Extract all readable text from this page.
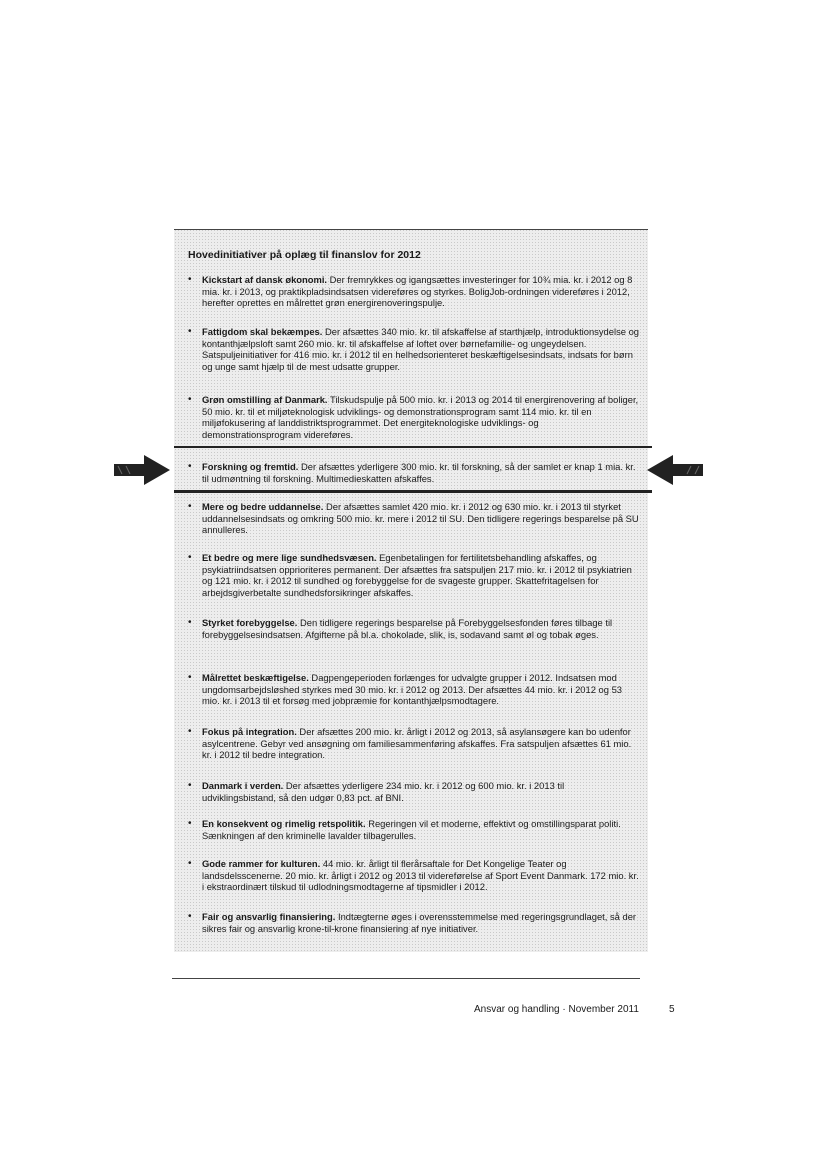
Hovedinitiativer på oplæg til finanslov for 2012
•	Kickstart af dansk økonomi. Der fremrykkes og igangsættes investeringer for 10¾ mia. kr. i 2012 og 8 mia. kr. i 2013, og praktikpladsindsatsen videreføres og styrkes. BoligJob-ordningen videreføres i 2012, herefter oprettes en målrettet grøn energirenoveringspulje.
•	Fattigdom skal bekæmpes. Der afsættes 340 mio. kr. til afskaffelse af starthjælp, introduktionsydelse og kontanthjælpsloft samt 260 mio. kr. til afskaffelse af loftet over børnefamilie- og ungeydelsen. Satspuljeinitiativer for 416 mio. kr. i 2012 til en helhedsorienteret beskæftigelsesindsats, indsats for børn og unge samt hjælp til de mest udsatte grupper.
•	Grøn omstilling af Danmark. Tilskudspulje på 500 mio. kr. i 2013 og 2014 til energirenovering af boliger, 50 mio. kr. til et miljøteknologisk udviklings- og demonstrationsprogram samt 114 mio. kr. til en miljøfokusering af landdistriktsprogrammet. Det energiteknologiske udviklings- og demonstrationsprogram videreføres.
•	Forskning og fremtid. Der afsættes yderligere 300 mio. kr. til forskning, så der samlet er knap 1 mia. kr. til udmøntning til forskning. Multimedieskatten afskaffes.
•	Mere og bedre uddannelse. Der afsættes samlet 420 mio. kr. i 2012 og 630 mio. kr. i 2013 til styrket uddannelsesindsats og omkring 500 mio. kr. mere i 2012 til SU. Den tidligere regerings besparelse på SU annulleres.
•	Et bedre og mere lige sundhedsvæsen. Egenbetalingen for fertilitetsbehandling afskaffes, og psykiatriindsatsen opprioriteres permanent. Der afsættes fra satspuljen 217 mio. kr. i 2012 til psykiatrien og 121 mio. kr. i 2012 til sundhed og forebyggelse for de svageste grupper. Skattefritagelsen for arbejdsgiverbetalte sundhedsforsikringer afskaffes.
•	Styrket forebyggelse. Den tidligere regerings besparelse på Forebyggelsesfonden føres tilbage til forebyggelsesindsatsen. Afgifterne på bl.a. chokolade, slik, is, sodavand samt øl og tobak øges.
•	Målrettet beskæftigelse. Dagpengeperioden forlænges for udvalgte grupper i 2012. Indsatsen mod ungdomsarbejdsløshed styrkes med 30 mio. kr. i 2012 og 2013. Der afsættes 44 mio. kr. i 2012 og 53 mio. kr. i 2013 til et forsøg med jobpræmie for kontanthjælpsmodtagere.
•	Fokus på integration. Der afsættes 200 mio. kr. årligt i 2012 og 2013, så asylansøgere kan bo udenfor asylcentrene. Gebyr ved ansøgning om familiesammenføring afskaffes. Fra satspuljen afsættes 61 mio. kr. i 2012 til bedre integration.
•	Danmark i verden. Der afsættes yderligere 234 mio. kr. i 2012 og 600 mio. kr. i 2013 til udviklingsbistand, så den udgør 0,83 pct. af BNI.
•	En konsekvent og rimelig retspolitik. Regeringen vil et moderne, effektivt og omstillingsparat politi. Sænkningen af den kriminelle lavalder tilbagerulles.
•	Gode rammer for kulturen. 44 mio. kr. årligt til flerårsaftale for Det Kongelige Teater og landsdelsscenerne. 20 mio. kr. årligt i 2012 og 2013 til videreførelse af Sport Event Danmark. 172 mio. kr. i ekstraordinært tilskud til udlodningsmodtagerne af tipsmidler i 2012.
•	Fair og ansvarlig finansiering. Indtægterne øges i overensstemmelse med regeringsgrundlaget, så der sikres fair og ansvarlig krone-til-krone finansiering af nye initiativer.
Ansvar og handling · November 2011	5
